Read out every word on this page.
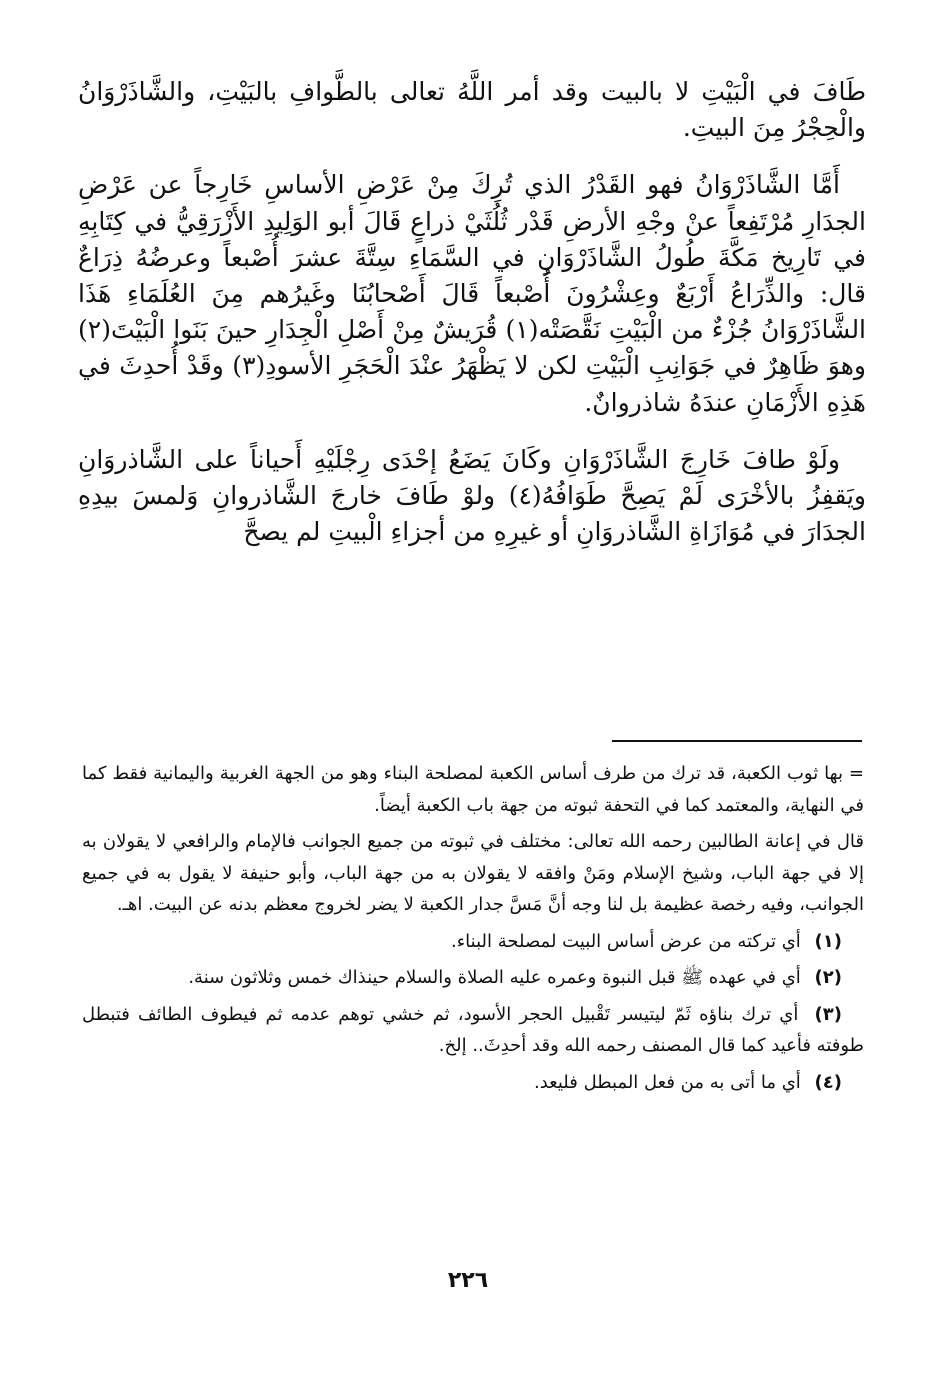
طَافَ في الْبَيْتِ لا بالبيت وقد أمر اللَّهُ تعالى بالطَّوافِ بالبَيْتِ، والشَّاذَرْوَانُ والْحِجْرُ مِنَ البيتِ.

أَمَّا الشَّاذَرْوَانُ فهو القَدْرُ الذي تُرِكَ مِنْ عَرْضِ الأساسِ خَارِجاً عن عَرْضِ الجدَارِ مُرْتَفِعاً عنْ وجْهِ الأرضِ قَدْر ثُلُثَيْ ذراعٍ قَالَ أبو الوَلِيدِ الأَزْرَقِيُّ في كِتَابِهِ في تَارِيخ مَكَّةَ طُولُ الشَّاذَرْوَانِ في السَّمَاءِ سِتَّةَ عشرَ أُصْبعاً وعرضُهُ ذِرَاعٌ قال: والذِّرَاعُ أَرْبَعٌ وعِشْرُونَ أُصْبعاً قَالَ أَصْحابُنَا وغَيرُهم مِنَ العُلَمَاءِ هَذَا الشَّاذَرْوَانُ جُزْءٌ من الْبَيْتِ نَقَّصَتْه(١) قُرَيشٌ مِنْ أَصْلِ الْجِدَارِ حينَ بَنَوا الْبَيْتَ(٢) وهوَ ظَاهِرٌ في جَوَانِبِ الْبَيْتِ لكن لا يَظْهَرُ عنْدَ الْحَجَرِ الأسودِ(٣) وقَدْ أُحدِثَ في هَذِهِ الأَزْمَانِ عندَهُ شاذروانٌ.

ولَوْ طافَ خَارِجَ الشَّاذَرْوَانِ وكَانَ يَضَعُ إحْدَى رِجْلَيْهِ أَحياناً على الشَّاذروَانِ ويَقفِزُ بالأخْرَى لَمْ يَصِحَّ طَوَافُهُ(٤) ولوْ طَافَ خارجَ الشَّاذروانِ وَلمسَ بيدِهِ الجدَارَ في مُوَازَاةِ الشَّاذروَانِ أو غيرِهِ من أجزاءِ الْبيتِ لم يصحَّ

= بها ثوب الكعبة، قد ترك من طرف أساس الكعبة لمصلحة البناء وهو من الجهة الغربية واليمانية فقط كما في النهاية، والمعتمد كما في التحفة ثبوته من جهة باب الكعبة أيضاً.

قال في إعانة الطالبين رحمه الله تعالى: مختلف في ثبوته من جميع الجوانب فالإمام والرافعي لا يقولان به إلا في جهة الباب، وشيخ الإسلام ومَنْ وافقه لا يقولان به من جهة الباب، وأبو حنيفة لا يقول به في جميع الجوانب، وفيه رخصة عظيمة بل لنا وجه أنَّ مَسَّ جدار الكعبة لا يضر لخروج معظم بدنه عن البيت. اهـ.

(١) أي تركته من عرض أساس البيت لمصلحة البناء.

(٢) أي في عهده ﷺ قبل النبوة وعمره عليه الصلاة والسلام حينذاك خمس وثلاثون سنة.

(٣) أي ترك بناؤه ثَمّ ليتيسر تَقْبيل الحجر الأسود، ثم خشي توهم عدمه ثم فيطوف الطائف فتبطل طوفته فأعيد كما قال المصنف رحمه الله وقد أحدِثَ.. إلخ.

(٤) أي ما أتى به من فعل المبطل فليعد.

٢٢٦
